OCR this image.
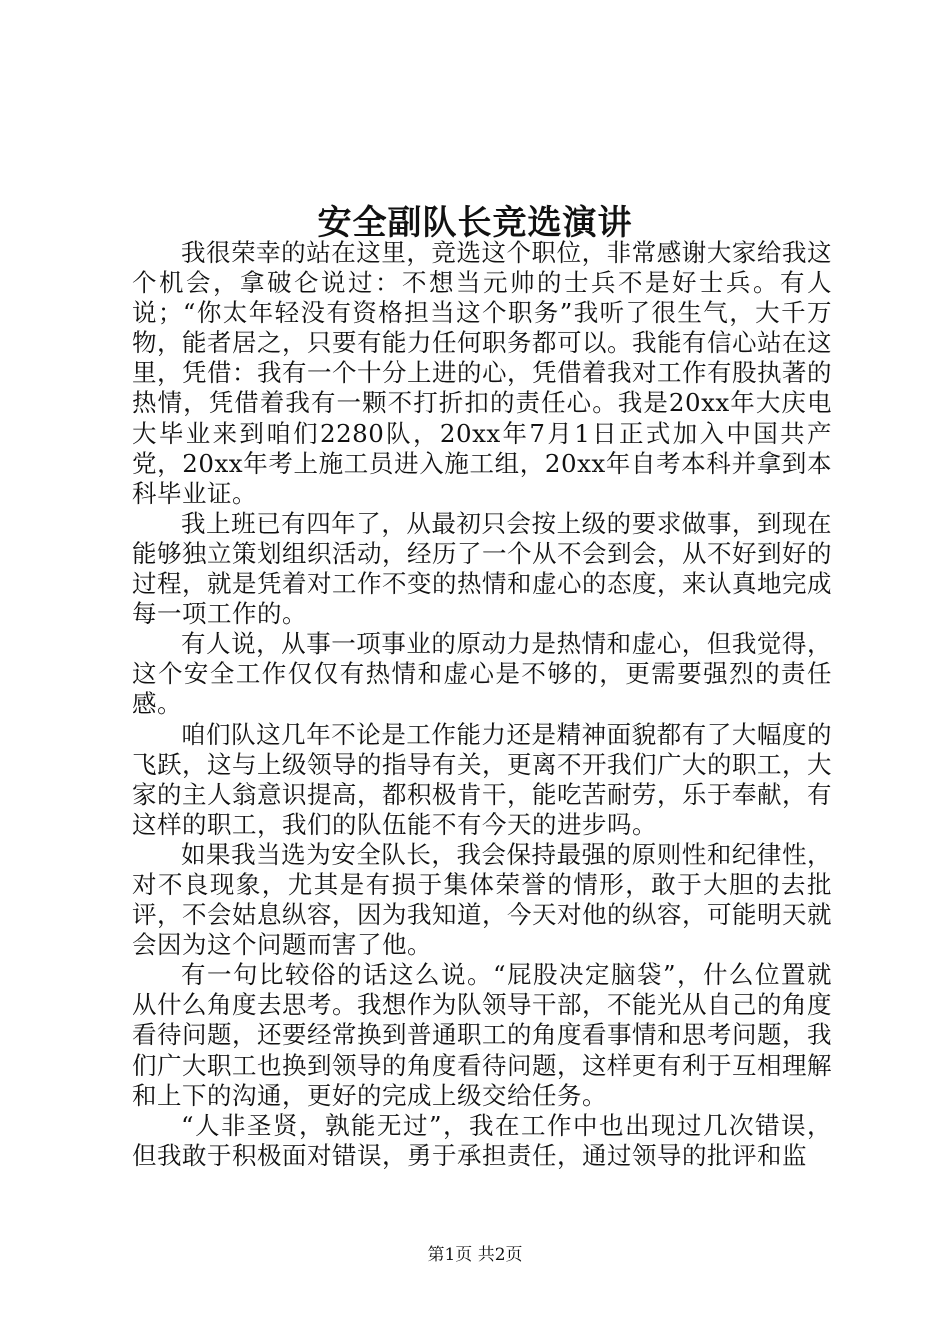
安全副队长竞选演讲

我很荣幸的站在这里，竞选这个职位，非常感谢大家给我这个机会，拿破仑说过：不想当元帅的士兵不是好士兵。有人说；“你太年轻没有资格担当这个职务”我听了很生气，大千万物，能者居之，只要有能力任何职务都可以。我能有信心站在这里，凭借：我有一个十分上进的心，凭借着我对工作有股执著的热情，凭借着我有一颗不打折扣的责任心。我是20xx年大庆电大毕业来到咱们2280队，20xx年7月1日正式加入中国共产党，20xx年考上施工员进入施工组，20xx年自考本科并拿到本科毕业证。

我上班已有四年了，从最初只会按上级的要求做事，到现在能够独立策划组织活动，经历了一个从不会到会，从不好到好的过程，就是凭着对工作不变的热情和虚心的态度，来认真地完成每一项工作的。

有人说，从事一项事业的原动力是热情和虚心，但我觉得，这个安全工作仅仅有热情和虚心是不够的，更需要强烈的责任感。

咱们队这几年不论是工作能力还是精神面貌都有了大幅度的飞跃，这与上级领导的指导有关，更离不开我们广大的职工，大家的主人翁意识提高，都积极肯干，能吃苦耐劳，乐于奉献，有这样的职工，我们的队伍能不有今天的进步吗。

如果我当选为安全队长，我会保持最强的原则性和纪律性，对不良现象，尤其是有损于集体荣誉的情形，敢于大胆的去批评，不会姑息纵容，因为我知道，今天对他的纵容，可能明天就会因为这个问题而害了他。

有一句比较俗的话这么说。“屁股决定脑袋”，什么位置就从什么角度去思考。我想作为队领导干部，不能光从自己的角度看待问题，还要经常换到普通职工的角度看事情和思考问题，我们广大职工也换到领导的角度看待问题，这样更有利于互相理解和上下的沟通，更好的完成上级交给任务。

“人非圣贤，孰能无过”，我在工作中也出现过几次错误，但我敢于积极面对错误，勇于承担责任，通过领导的批评和监

第1页 共2页
